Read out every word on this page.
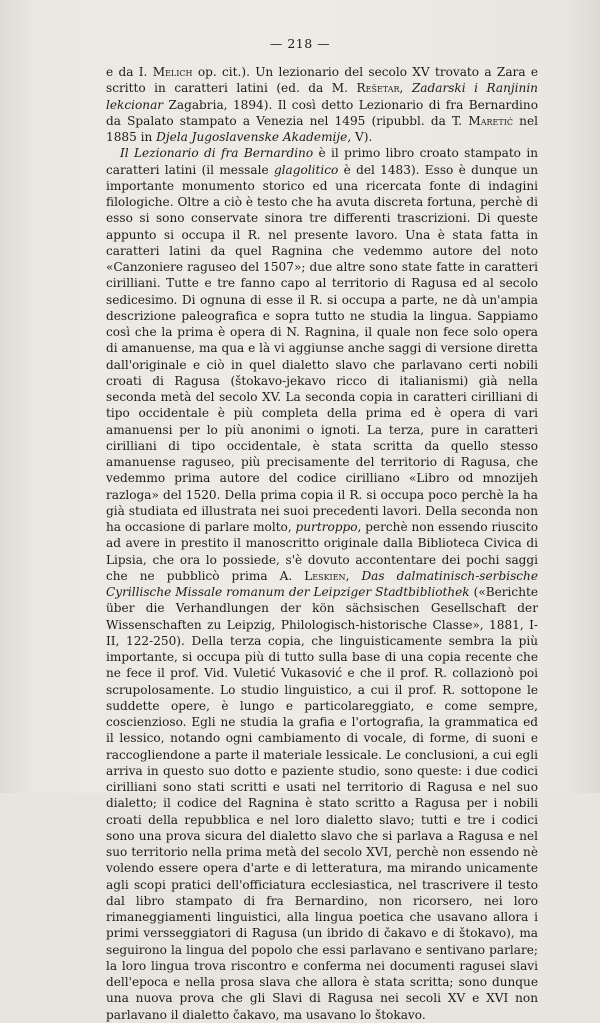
— 218 —

e da I. Melich op. cit.). Un lezionario del secolo XV trovato a Zara e scritto in caratteri latini (ed. da M. Rešetar, Zadarski i Ranjinin lekcionar Zagabria, 1894). Il così detto Lezionario di fra Bernardino da Spalato stampato a Venezia nel 1495 (ripubbl. da T. Maretić nel 1885 in Djela Jugoslavenske Akademije, V).

Il Lezionario di fra Bernardino è il primo libro croato stampato in caratteri latini (il messale glagolitico è del 1483). Esso è dunque un importante monumento storico ed una ricercata fonte di indagini filologiche. Oltre a ciò è testo che ha avuta discreta fortuna, perchè di esso si sono conservate sinora tre differenti trascrizioni. Di queste appunto si occupa il R. nel presente lavoro. Una è stata fatta in caratteri latini da quel Ragnina che vedemmo autore del noto «Canzoniere raguseo del 1507»; due altre sono state fatte in caratteri cirilliani. Tutte e tre fanno capo al territorio di Ragusa ed al secolo sedicesimo. Di ognuna di esse il R. si occupa a parte, ne dà un'ampia descrizione paleografica e sopra tutto ne studia la lingua. Sappiamo così che la prima è opera di N. Ragnina, il quale non fece solo opera di amanuense, ma qua e là vi aggiunse anche saggi di versione diretta dall'originale e ciò in quel dialetto slavo che parlavano certi nobili croati di Ragusa (štokavo-jekavo ricco di italianismi) già nella seconda metà del secolo XV. La seconda copia in caratteri cirilliani di tipo occidentale è più completa della prima ed è opera di vari amanuensi per lo più anonimi o ignoti. La terza, pure in caratteri cirilliani di tipo occidentale, è stata scritta da quello stesso amanuense raguseo, più precisamente del territorio di Ragusa, che vedemmo prima autore del codice cirilliano «Libro od mnozijeh razloga» del 1520. Della prima copia il R. si occupa poco perchè la ha già studiata ed illustrata nei suoi precedenti lavori. Della seconda non ha occasione di parlare molto, purtroppo, perchè non essendo riuscito ad avere in prestito il manoscritto originale dalla Biblioteca Civica di Lipsia, che ora lo possiede, s'è dovuto accontentare dei pochi saggi che ne pubblicò prima A. Leskien, Das dalmatinisch-serbische Cyrillische Missale romanum der Leipziger Stadtbibliothek («Berichte über die Verhandlungen der kön sächsischen Gesellschaft der Wissenschaften zu Leipzig, Philologisch-historische Classe», 1881, I-II, 122-250). Della terza copia, che linguisticamente sembra la più importante, si occupa più di tutto sulla base di una copia recente che ne fece il prof. Vid. Vuletić Vukasović e che il prof. R. collazionò poi scrupolosamente. Lo studio linguistico, a cui il prof. R. sottopone le suddette opere, è lungo e particolareggiato, e come sempre, coscienzioso. Egli ne studia la grafia e l'ortografia, la grammatica ed il lessico, notando ogni cambiamento di vocale, di forme, di suoni e raccogliendone a parte il materiale lessicale. Le conclusioni, a cui egli arriva in questo suo dotto e paziente studio, sono queste: i due codici cirilliani sono stati scritti e usati nel territorio di Ragusa e nel suo dialetto; il codice del Ragnina è stato scritto a Ragusa per i nobili croati della repubblica e nel loro dialetto slavo; tutti e tre i codici sono una prova sicura del dialetto slavo che si parlava a Ragusa e nel suo territorio nella prima metà del secolo XVI, perchè non essendo nè volendo essere opera d'arte e di letteratura, ma mirando unicamente agli scopi pratici dell'officiatura ecclesiastica, nel trascrivere il testo dal libro stampato di fra Bernardino, non ricorsero, nei loro rimaneggiamenti linguistici, alla lingua poetica che usavano allora i primi versseggiatori di Ragusa (un ibrido di čakavo e di štokavo), ma seguirono la lingua del popolo che essi parlavano e sentivano parlare; la loro lingua trova riscontro e conferma nei documenti ragusei slavi dell'epoca e nella prosa slava che allora è stata scritta; sono dunque una nuova prova che gli Slavi di Ragusa nei secoli XV e XVI non parlavano il dialetto čakavo, ma usavano lo štokavo.
